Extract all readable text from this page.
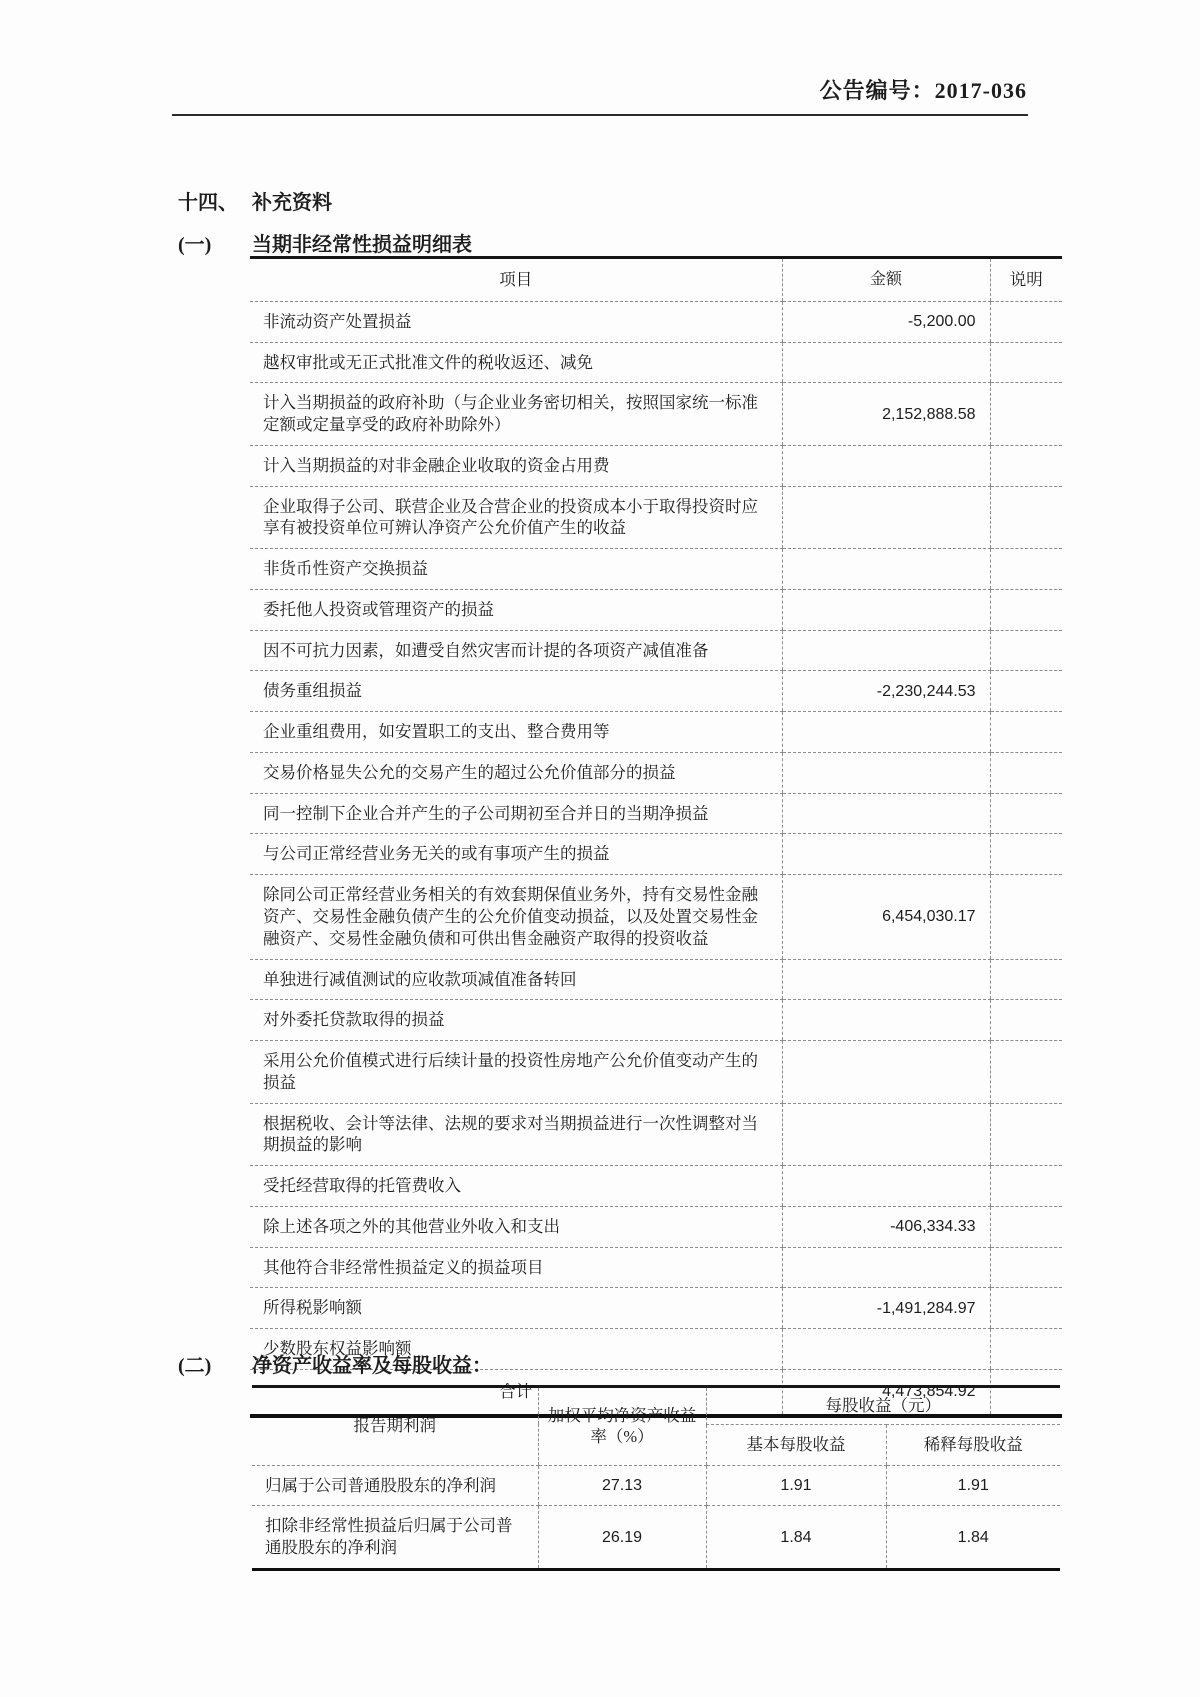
公告编号：2017-036
十四、 补充资料
(一)	当期非经常性损益明细表
项目	金额	说明
非流动资产处置损益	-5,200.00	
越权审批或无正式批准文件的税收返还、减免		
计入当期损益的政府补助（与企业业务密切相关，按照国家统一标准定额或定量享受的政府补助除外）	2,152,888.58	
计入当期损益的对非金融企业收取的资金占用费		
企业取得子公司、联营企业及合营企业的投资成本小于取得投资时应享有被投资单位可辨认净资产公允价值产生的收益		
非货币性资产交换损益		
委托他人投资或管理资产的损益		
因不可抗力因素，如遭受自然灾害而计提的各项资产减值准备		
债务重组损益	-2,230,244.53	
企业重组费用，如安置职工的支出、整合费用等		
交易价格显失公允的交易产生的超过公允价值部分的损益		
同一控制下企业合并产生的子公司期初至合并日的当期净损益		
与公司正常经营业务无关的或有事项产生的损益		
除同公司正常经营业务相关的有效套期保值业务外，持有交易性金融资产、交易性金融负债产生的公允价值变动损益，以及处置交易性金融资产、交易性金融负债和可供出售金融资产取得的投资收益	6,454,030.17	
单独进行减值测试的应收款项减值准备转回		
对外委托贷款取得的损益		
采用公允价值模式进行后续计量的投资性房地产公允价值变动产生的损益		
根据税收、会计等法律、法规的要求对当期损益进行一次性调整对当期损益的影响		
受托经营取得的托管费收入		
除上述各项之外的其他营业外收入和支出	-406,334.33	
其他符合非经常性损益定义的损益项目		
所得税影响额	-1,491,284.97	
少数股东权益影响额		
合计	4,473,854.92	
(二)	净资产收益率及每股收益：
报告期利润	加权平均净资产收益率（%）	每股收益（元）	
		基本每股收益	稀释每股收益
归属于公司普通股股东的净利润	27.13	1.91	1.91
扣除非经常性损益后归属于公司普通股股东的净利润	26.19	1.84	1.84
